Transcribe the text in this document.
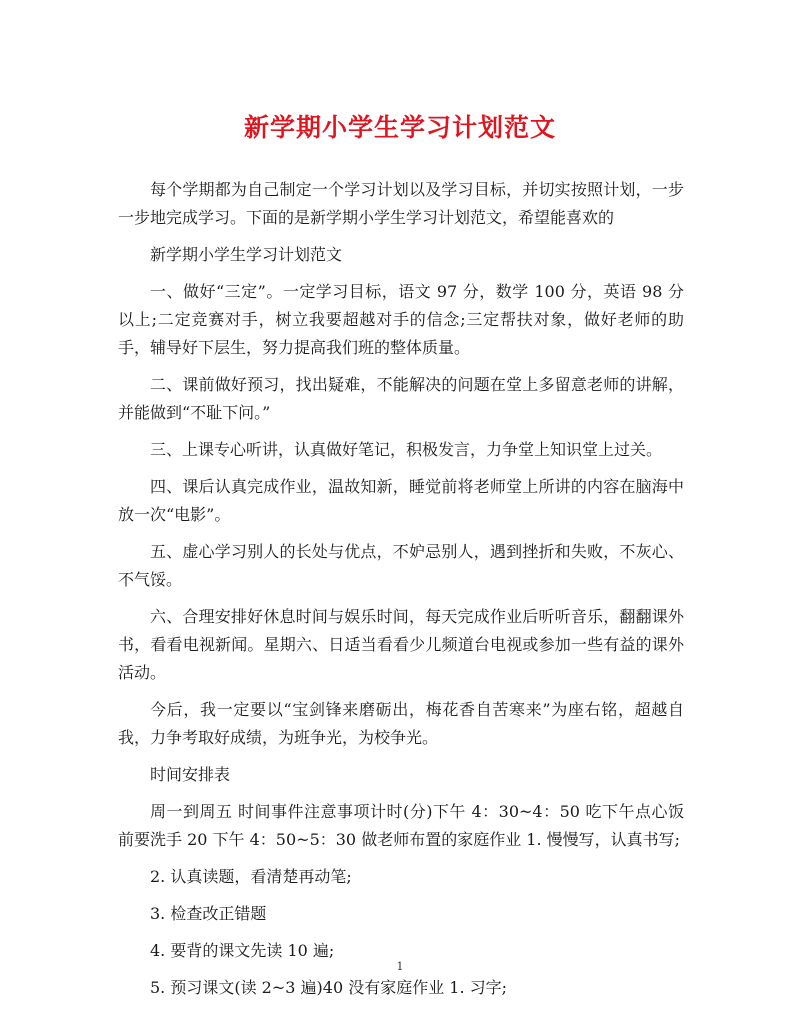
新学期小学生学习计划范文

每个学期都为自己制定一个学习计划以及学习目标，并切实按照计划，一步一步地完成学习。下面的是新学期小学生学习计划范文，希望能喜欢的

新学期小学生学习计划范文

一、做好“三定”。一定学习目标，语文 97 分，数学 100 分，英语 98 分以上;二定竞赛对手，树立我要超越对手的信念;三定帮扶对象，做好老师的助手，辅导好下层生，努力提高我们班的整体质量。

二、课前做好预习，找出疑难，不能解决的问题在堂上多留意老师的讲解，并能做到“不耻下问。”

三、上课专心听讲，认真做好笔记，积极发言，力争堂上知识堂上过关。

四、课后认真完成作业，温故知新，睡觉前将老师堂上所讲的内容在脑海中放一次“电影”。

五、虚心学习别人的长处与优点，不妒忌别人，遇到挫折和失败，不灰心、不气馁。

六、合理安排好休息时间与娱乐时间，每天完成作业后听听音乐，翻翻课外书，看看电视新闻。星期六、日适当看看少儿频道台电视或参加一些有益的课外活动。

今后，我一定要以“宝剑锋来磨砺出，梅花香自苦寒来”为座右铭，超越自我，力争考取好成绩，为班争光，为校争光。

时间安排表

周一到周五 时间事件注意事项计时(分)下午 4：30~4：50 吃下午点心饭前要洗手 20 下午 4：50~5：30 做老师布置的家庭作业 1. 慢慢写，认真书写;

2. 认真读题，看清楚再动笔;

3. 检查改正错题

4. 要背的课文先读 10 遍;

5. 预习课文(读 2~3 遍)40 没有家庭作业 1. 习字;

1
